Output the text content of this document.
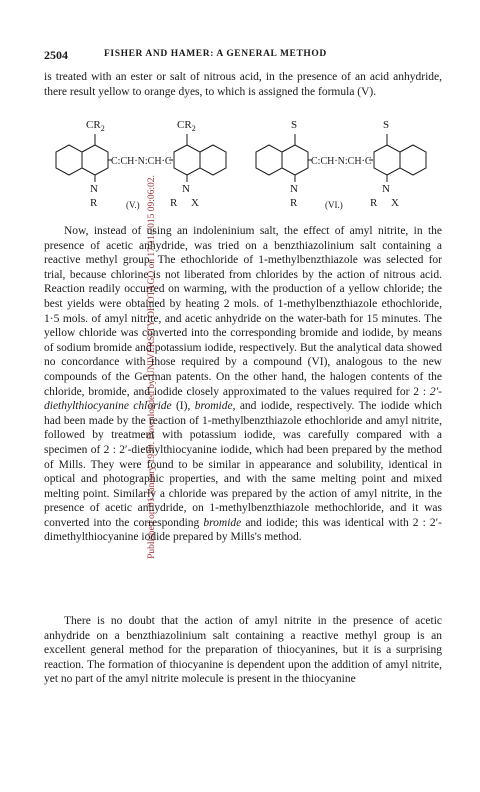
Published on 01 January 1930. Downloaded by UNIVERSITY OF OTAGO on 17/11/2015 09:06:02.
2504	FISHER AND HAMER: A GENERAL METHOD

is treated with an ester or salt of nitrous acid, in the presence of an acid anhydride, there result yellow to orange dyes, to which is assigned the formula (V).

$CR_2$	$CR_2$
C:CH·N:CH·C
N
R
N
R X
(V.)
S	S
C:CH·N:CH·C
N
R
N
R X
(VI.)

Now, instead of using an indoleninium salt, the effect of amyl nitrite, in the presence of acetic anhydride, was tried on a benzthiazolinium salt containing a reactive methyl group. The ethochloride of 1-methylbenzthiazole was selected for trial, because chlorine is not liberated from chlorides by the action of nitrous acid. Reaction readily occurred on warming, with the production of a yellow chloride; the best yields were obtained by heating 2 mols. of 1-methylbenzthiazole ethochloride, 1·5 mols. of amyl nitrite, and acetic anhydride on the water-bath for 15 minutes. The yellow chloride was converted into the corresponding bromide and iodide, by means of sodium bromide and potassium iodide, respectively. But the analytical data showed no concordance with those required by a compound (VI), analogous to the new compounds of the German patents. On the other hand, the halogen contents of the chloride, bromide, and iodide closely approximated to the values required for 2 : 2′-diethylthiocyanine chloride (I), bromide, and iodide, respectively. The iodide which had been made by the reaction of 1-methylbenzthiazole ethochloride and amyl nitrite, followed by treatment with potassium iodide, was carefully compared with a specimen of 2 : 2′-diethylthiocyanine iodide, which had been prepared by the method of Mills. They were found to be similar in appearance and solubility, identical in optical and photographic properties, and with the same melting point and mixed melting point. Similarly a chloride was prepared by the action of amyl nitrite, in the presence of acetic anhydride, on 1-methylbenzthiazole methochloride, and it was converted into the corresponding bromide and iodide; this was identical with 2 : 2′-dimethylthiocyanine iodide prepared by Mills's method.

There is no doubt that the action of amyl nitrite in the presence of acetic anhydride on a benzthiazolinium salt containing a reactive methyl group is an excellent general method for the preparation of thiocyanines, but it is a surprising reaction. The formation of thiocyanine is dependent upon the addition of amyl nitrite, yet no part of the amyl nitrite molecule is present in the thiocyanine
